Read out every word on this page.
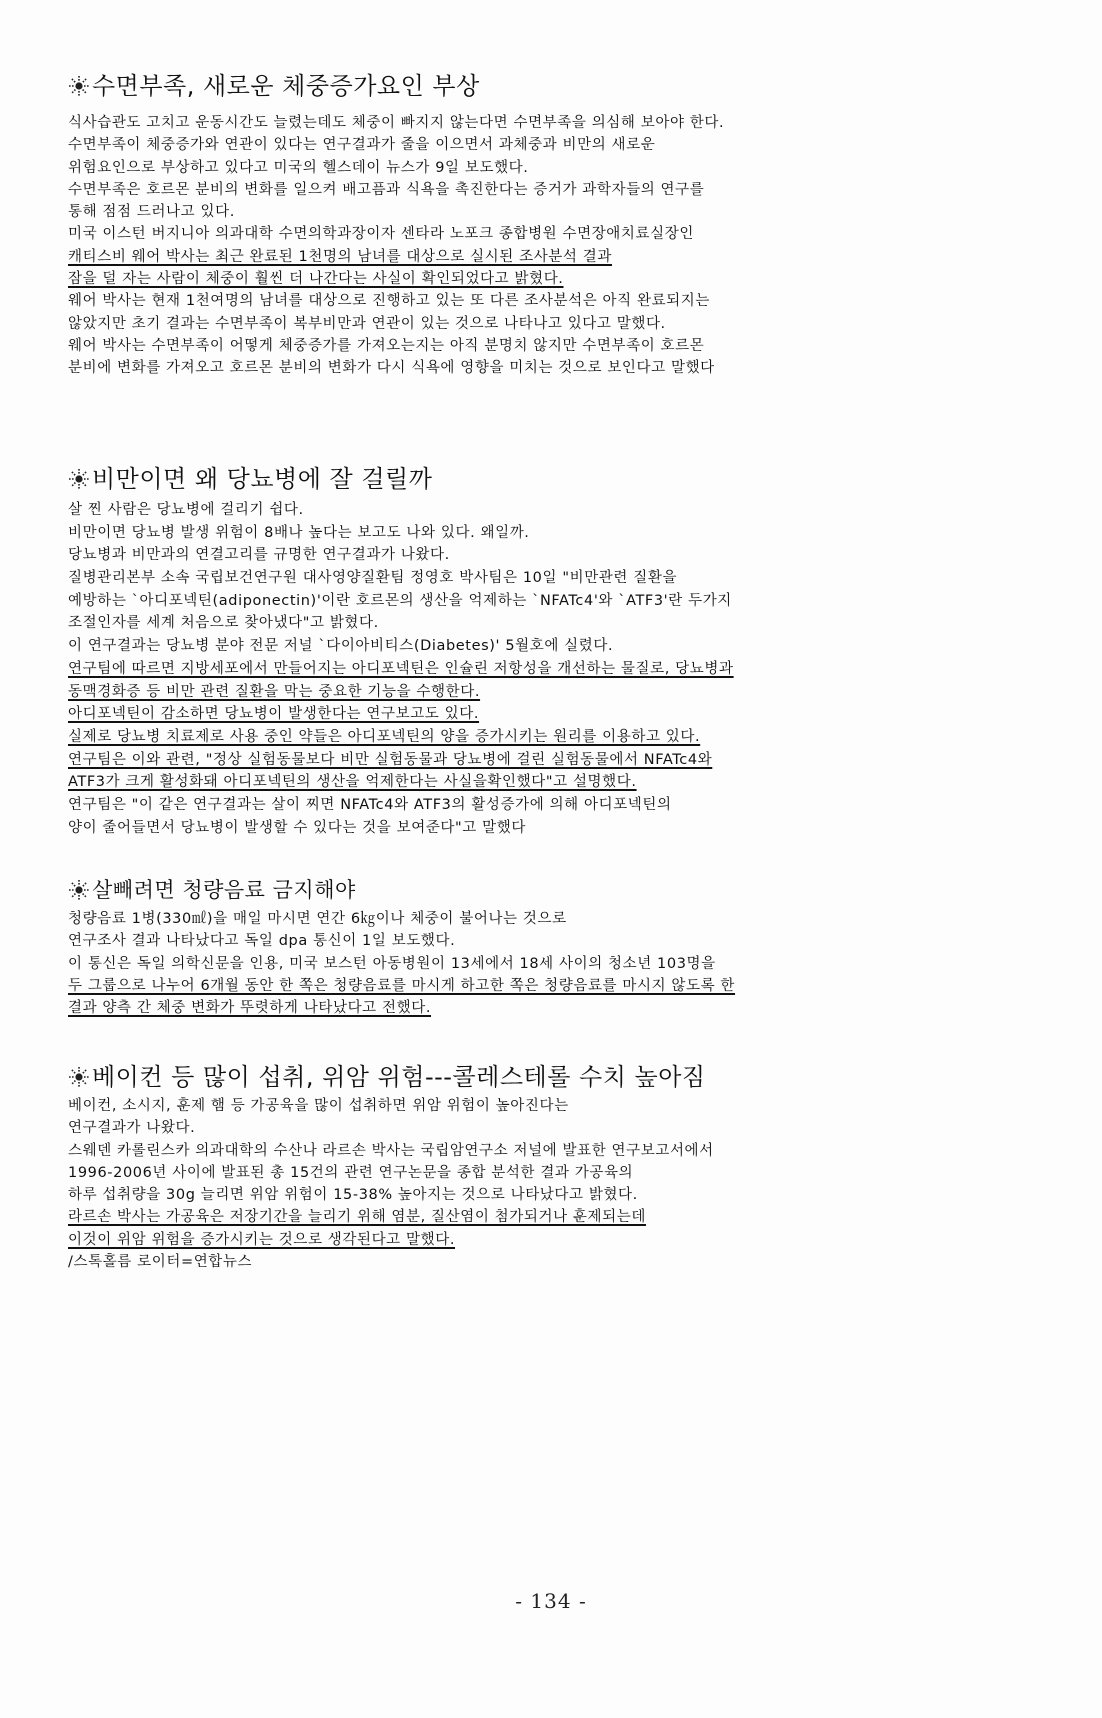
수면부족, 새로운 체중증가요인 부상
식사습관도 고치고 운동시간도 늘렸는데도 체중이 빠지지 않는다면 수면부족을 의심해 보아야 한다.
수면부족이 체중증가와 연관이 있다는 연구결과가 줄을 이으면서 과체중과 비만의 새로운
위험요인으로 부상하고 있다고 미국의 헬스데이 뉴스가 9일 보도했다.
수면부족은 호르몬 분비의 변화를 일으켜 배고픔과 식욕을 촉진한다는 증거가 과학자들의 연구를
통해 점점 드러나고 있다.
미국 이스턴 버지니아 의과대학 수면의학과장이자 센타라 노포크 종합병원 수면장애치료실장인
캐티스비 웨어 박사는 최근 완료된 1천명의 남녀를 대상으로 실시된 조사분석 결과
잠을 덜 자는 사람이 체중이 훨씬 더 나간다는 사실이 확인되었다고 밝혔다.
웨어 박사는 현재 1천여명의 남녀를 대상으로 진행하고 있는 또 다른 조사분석은 아직 완료되지는
않았지만 초기 결과는 수면부족이 복부비만과 연관이 있는 것으로 나타나고 있다고 말했다.
웨어 박사는 수면부족이 어떻게 체중증가를 가져오는지는 아직 분명치 않지만 수면부족이 호르몬
분비에 변화를 가져오고 호르몬 분비의 변화가 다시 식욕에 영향을 미치는 것으로 보인다고 말했다
비만이면 왜 당뇨병에 잘 걸릴까
살 찐 사람은 당뇨병에 걸리기 쉽다.
비만이면 당뇨병 발생 위험이 8배나 높다는 보고도 나와 있다. 왜일까.
당뇨병과 비만과의 연결고리를 규명한 연구결과가 나왔다.
질병관리본부 소속 국립보건연구원 대사영양질환팀 정영호 박사팀은 10일 "비만관련 질환을
예방하는 `아디포넥틴(adiponectin)'이란 호르몬의 생산을 억제하는 `NFATc4'와 `ATF3'란 두가지
조절인자를 세계 처음으로 찾아냈다"고 밝혔다.
이 연구결과는 당뇨병 분야 전문 저널 `다이아비티스(Diabetes)' 5월호에 실렸다.
연구팀에 따르면 지방세포에서 만들어지는 아디포넥틴은 인슐린 저항성을 개선하는 물질로, 당뇨병과
동맥경화증 등 비만 관련 질환을 막는 중요한 기능을 수행한다.
아디포넥틴이 감소하면 당뇨병이 발생한다는 연구보고도 있다.
실제로 당뇨병 치료제로 사용 중인 약들은 아디포넥틴의 양을 증가시키는 원리를 이용하고 있다.
연구팀은 이와 관련, "정상 실험동물보다 비만 실험동물과 당뇨병에 걸린 실험동물에서 NFATc4와
ATF3가 크게 활성화돼 아디포넥틴의 생산을 억제한다는 사실을확인했다"고 설명했다.
연구팀은 "이 같은 연구결과는 살이 찌면 NFATc4와 ATF3의 활성증가에 의해 아디포넥틴의
양이 줄어들면서 당뇨병이 발생할 수 있다는 것을 보여준다"고 말했다
살빼려면 청량음료 금지해야
청량음료 1병(330㎖)을 매일 마시면 연간 6㎏이나 체중이 불어나는 것으로
연구조사 결과 나타났다고 독일 dpa 통신이 1일 보도했다.
이 통신은 독일 의학신문을 인용, 미국 보스턴 아동병원이 13세에서 18세 사이의 청소년 103명을
두 그룹으로 나누어 6개월 동안 한 쪽은 청량음료를 마시게 하고한 쪽은 청량음료를 마시지 않도록 한
결과 양측 간 체중 변화가 뚜렷하게 나타났다고 전했다.
베이컨 등 많이 섭취, 위암 위험---콜레스테롤 수치 높아짐
베이컨, 소시지, 훈제 햄 등 가공육을 많이 섭취하면 위암 위험이 높아진다는
연구결과가 나왔다.
스웨덴 카롤린스카 의과대학의 수산나 라르손 박사는 국립암연구소 저널에 발표한 연구보고서에서
1996-2006년 사이에 발표된 총 15건의 관련 연구논문을 종합 분석한 결과 가공육의
하루 섭취량을 30g 늘리면 위암 위험이 15-38% 높아지는 것으로 나타났다고 밝혔다.
라르손 박사는 가공육은 저장기간을 늘리기 위해 염분, 질산염이 첨가되거나 훈제되는데
이것이 위암 위험을 증가시키는 것으로 생각된다고 말했다.
/스톡홀름 로이터=연합뉴스
- 134 -
